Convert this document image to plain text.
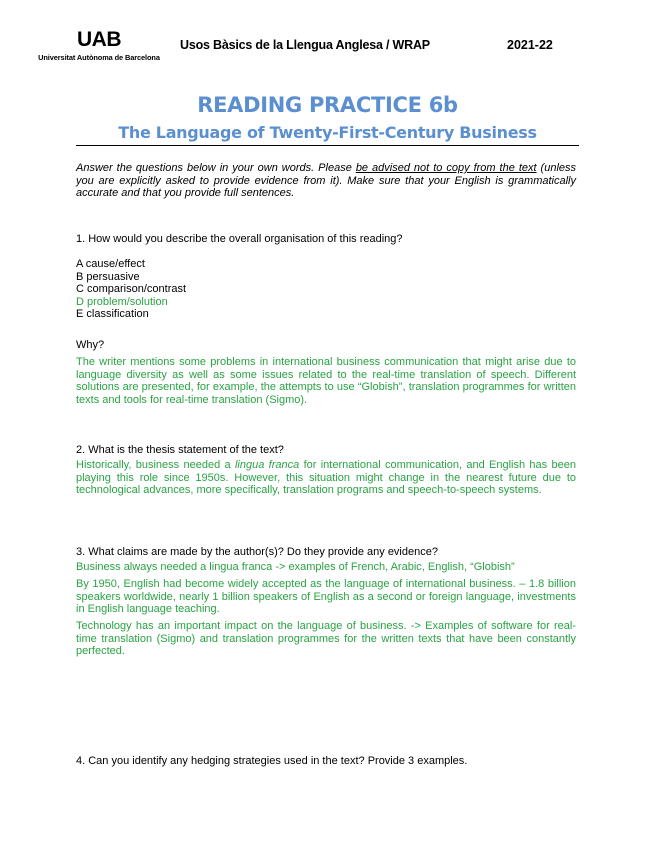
UAB
Universitat Autònoma de Barcelona
Usos Bàsics de la Llengua Anglesa / WRAP	2021-22
READING PRACTICE 6b
The Language of Twenty-First-Century Business
Answer the questions below in your own words. Please be advised not to copy from the text (unless you are explicitly asked to provide evidence from it). Make sure that your English is grammatically accurate and that you provide full sentences.
1. How would you describe the overall organisation of this reading?
A cause/effect
B persuasive
C comparison/contrast
D problem/solution
E classification
Why?
The writer mentions some problems in international business communication that might arise due to language diversity as well as some issues related to the real-time translation of speech. Different solutions are presented, for example, the attempts to use “Globish”, translation programmes for written texts and tools for real-time translation (Sigmo).
2. What is the thesis statement of the text?
Historically, business needed a lingua franca for international communication, and English has been playing this role since 1950s. However, this situation might change in the nearest future due to technological advances, more specifically, translation programs and speech-to-speech systems.
3. What claims are made by the author(s)? Do they provide any evidence?
Business always needed a lingua franca -> examples of French, Arabic, English, “Globish”
By 1950, English had become widely accepted as the language of international business. – 1.8 billion speakers worldwide, nearly 1 billion speakers of English as a second or foreign language, investments in English language teaching.
Technology has an important impact on the language of business. -> Examples of software for real-time translation (Sigmo) and translation programmes for the written texts that have been constantly perfected.
4. Can you identify any hedging strategies used in the text? Provide 3 examples.
